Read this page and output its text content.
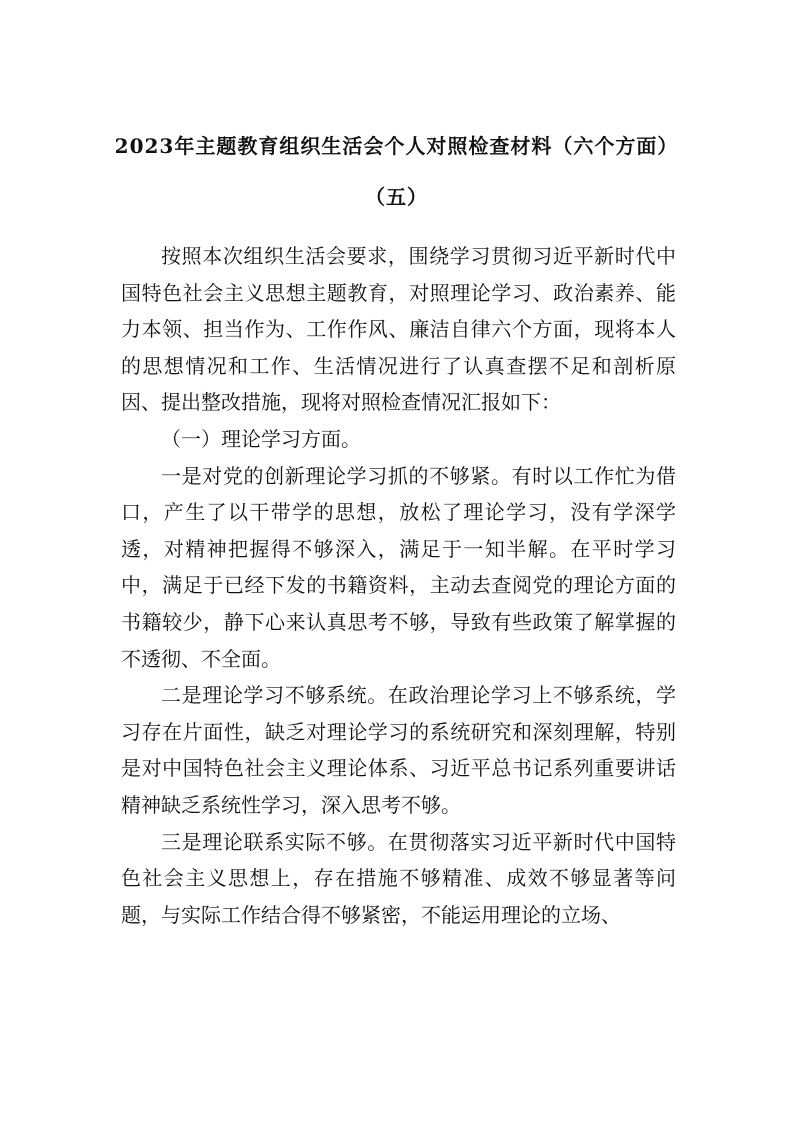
2023年主题教育组织生活会个人对照检查材料（六个方面）
（五）

按照本次组织生活会要求，围绕学习贯彻习近平新时代中国特色社会主义思想主题教育，对照理论学习、政治素养、能力本领、担当作为、工作作风、廉洁自律六个方面，现将本人的思想情况和工作、生活情况进行了认真查摆不足和剖析原因、提出整改措施，现将对照检查情况汇报如下：

（一）理论学习方面。

一是对党的创新理论学习抓的不够紧。有时以工作忙为借口，产生了以干带学的思想，放松了理论学习，没有学深学透，对精神把握得不够深入，满足于一知半解。在平时学习中，满足于已经下发的书籍资料，主动去查阅党的理论方面的书籍较少，静下心来认真思考不够，导致有些政策了解掌握的不透彻、不全面。

二是理论学习不够系统。在政治理论学习上不够系统，学习存在片面性，缺乏对理论学习的系统研究和深刻理解，特别是对中国特色社会主义理论体系、习近平总书记系列重要讲话精神缺乏系统性学习，深入思考不够。

三是理论联系实际不够。在贯彻落实习近平新时代中国特色社会主义思想上，存在措施不够精准、成效不够显著等问题，与实际工作结合得不够紧密，不能运用理论的立场、
